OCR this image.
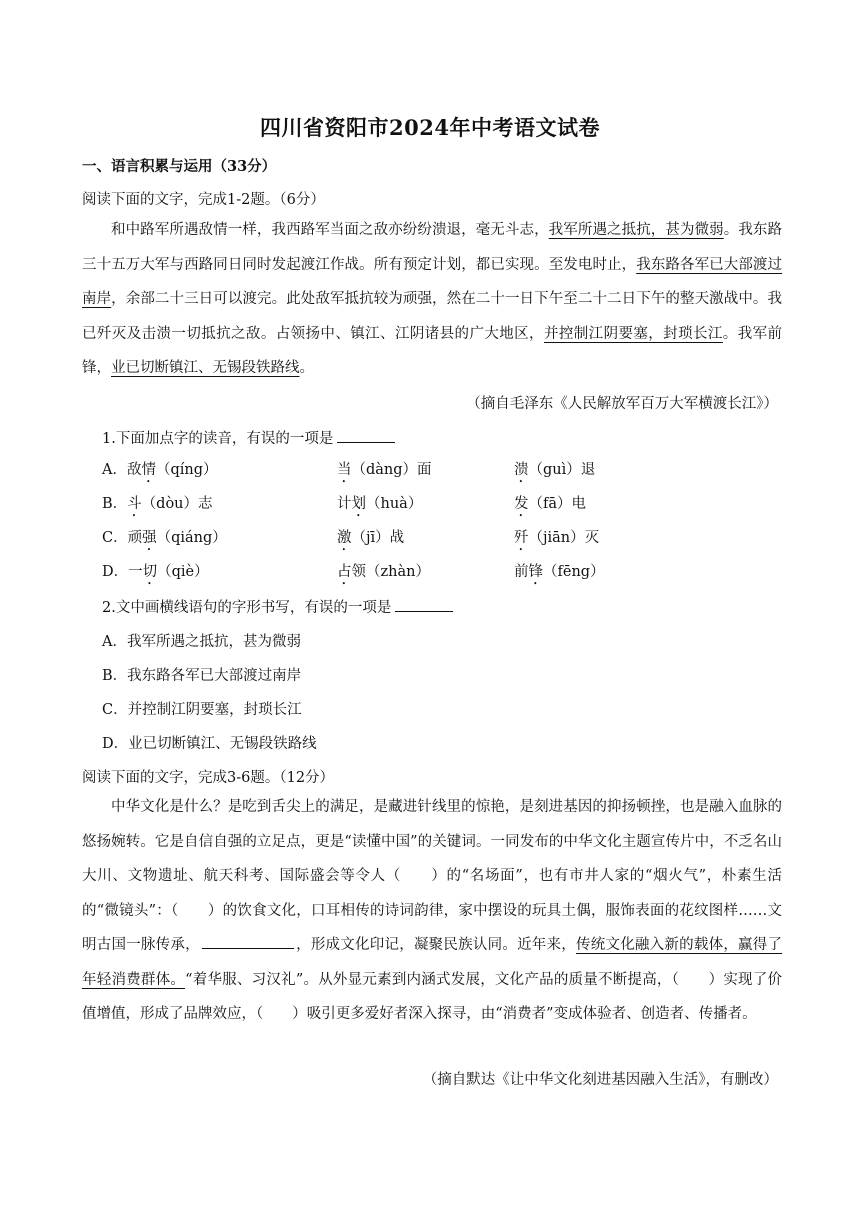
四川省资阳市2024年中考语文试卷
一、语言积累与运用（33分）
阅读下面的文字，完成1-2题。（6分）

和中路军所遇敌情一样，我西路军当面之敌亦纷纷溃退，毫无斗志，我军所遇之抵抗，甚为微弱。我东路三十五万大军与西路同日同时发起渡江作战。所有预定计划，都已实现。至发电时止，我东路各军已大部渡过南岸，余部二十三日可以渡完。此处敌军抵抗较为顽强，然在二十一日下午至二十二日下午的整天激战中。我已歼灭及击溃一切抵抗之敌。占领扬中、镇江、江阴诸县的广大地区，并控制江阴要塞，封琐长江。我军前锋，业已切断镇江、无锡段铁路线。

（摘自毛泽东《人民解放军百万大军横渡长江》）
1.下面加点字的读音，有误的一项是
A．敌情（qíng）	当（dàng）面	溃（guì）退
B．斗（dòu）志	计划（huà）	发（fā）电
C．顽强（qiáng）	激（jī）战	歼（jiān）灭
D．一切（qiè）	占领（zhàn）	前锋（fēng）
2.文中画横线语句的字形书写，有误的一项是
A．我军所遇之抵抗，甚为微弱
B．我东路各军已大部渡过南岸
C．并控制江阴要塞，封琐长江
D．业已切断镇江、无锡段铁路线
阅读下面的文字，完成3-6题。（12分）

中华文化是什么？是吃到舌尖上的满足，是藏进针线里的惊艳，是刻进基因的抑扬顿挫，也是融入血脉的悠扬婉转。它是自信自强的立足点，更是“读懂中国”的关键词。一同发布的中华文化主题宣传片中，不乏名山大川、文物遗址、航天科考、国际盛会等令人（　　）的“名场面”，也有市井人家的“烟火气”，朴素生活的“微镜头”：（　　）的饮食文化，口耳相传的诗词韵律，家中摆设的玩具土偶，服饰表面的花纹图样……文明古国一脉传承，	，形成文化印记，凝聚民族认同。近年来，传统文化融入新的载体，赢得了年轻消费群体。“着华服、习汉礼”。从外显元素到内涵式发展，文化产品的质量不断提高，（　　）实现了价值增值，形成了品牌效应，（　　）吸引更多爱好者深入探寻，由“消费者”变成体验者、创造者、传播者。

（摘自默达《让中华文化刻进基因融入生活》，有删改）
